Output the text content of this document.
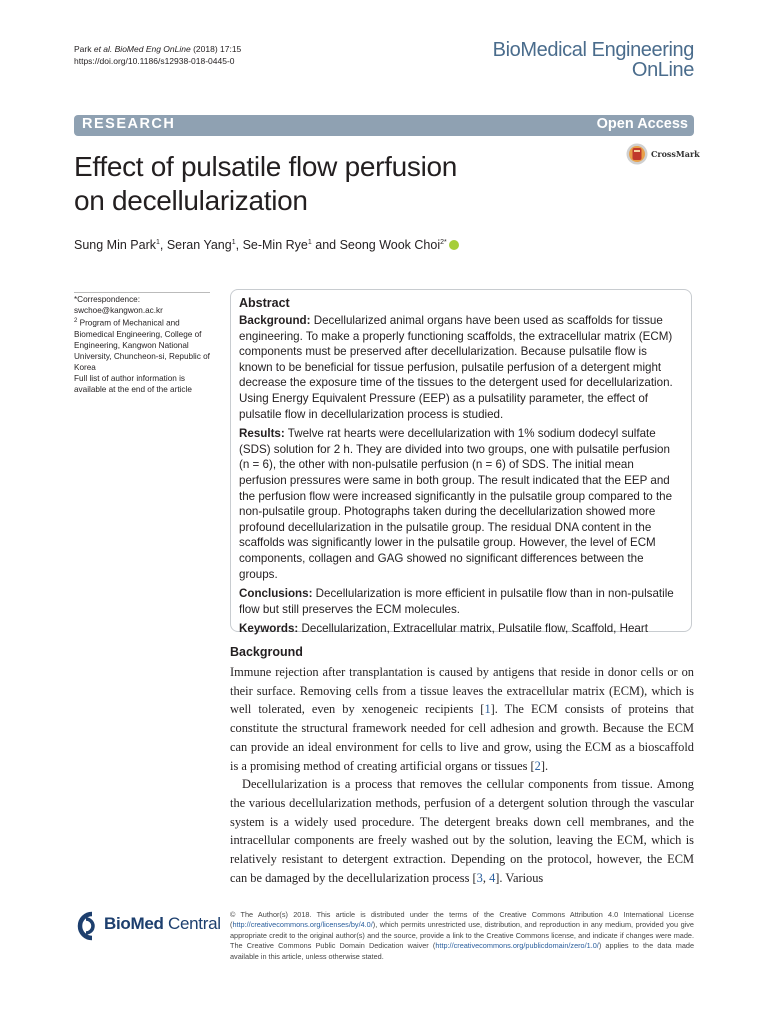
Park et al. BioMed Eng OnLine (2018) 17:15
https://doi.org/10.1186/s12938-018-0445-0	BioMedical Engineering
OnLine
RESEARCH	Open Access
CrossMark
Effect of pulsatile flow perfusion
on decellularization
Sung Min Park$^1$, Seran Yang$^1$, Se-Min Rye$^1$ and Seong Wook Choi$^{2*}$
*Correspondence:
swchoe@kangwon.ac.kr
$^2$ Program of Mechanical and Biomedical Engineering, College of Engineering, Kangwon National University, Chuncheon-si, Republic of Korea
Full list of author information is available at the end of the article
Abstract

Background: Decellularized animal organs have been used as scaffolds for tissue engineering. To make a properly functioning scaffolds, the extracellular matrix (ECM) components must be preserved after decellularization. Because pulsatile flow is known to be beneficial for tissue perfusion, pulsatile perfusion of a detergent might decrease the exposure time of the tissues to the detergent used for decellularization. Using Energy Equivalent Pressure (EEP) as a pulsatility parameter, the effect of pulsatile flow in decellularization process is studied.

Results: Twelve rat hearts were decellularization with 1% sodium dodecyl sulfate (SDS) solution for 2 h. They are divided into two groups, one with pulsatile perfusion (n = 6), the other with non-pulsatile perfusion (n = 6) of SDS. The initial mean perfusion pressures were same in both group. The result indicated that the EEP and the perfusion flow were increased significantly in the pulsatile group compared to the non-pulsatile group. Photographs taken during the decellularization showed more profound decellularization in the pulsatile group. The residual DNA content in the scaffolds was significantly lower in the pulsatile group. However, the level of ECM components, collagen and GAG showed no significant differences between the groups.

Conclusions: Decellularization is more efficient in pulsatile flow than in non-pulsatile flow but still preserves the ECM molecules.

Keywords: Decellularization, Extracellular matrix, Pulsatile flow, Scaffold, Heart

Background

Immune rejection after transplantation is caused by antigens that reside in donor cells or on their surface. Removing cells from a tissue leaves the extracellular matrix (ECM), which is well tolerated, even by xenogeneic recipients [1]. The ECM consists of proteins that constitute the structural framework needed for cell adhesion and growth. Because the ECM can provide an ideal environment for cells to live and grow, using the ECM as a bioscaffold is a promising method of creating artificial organs or tissues [2].

Decellularization is a process that removes the cellular components from tissue. Among the various decellularization methods, perfusion of a detergent solution through the vascular system is a widely used procedure. The detergent breaks down cell membranes, and the intracellular components are freely washed out by the solution, leaving the ECM, which is relatively resistant to detergent extraction. Depending on the protocol, however, the ECM can be damaged by the decellularization process [3, 4]. Various

BioMed Central © The Author(s) 2018. This article is distributed under the terms of the Creative Commons Attribution 4.0 International License (http://creativecommons.org/licenses/by/4.0/), which permits unrestricted use, distribution, and reproduction in any medium, provided you give appropriate credit to the original author(s) and the source, provide a link to the Creative Commons license, and indicate if changes were made. The Creative Commons Public Domain Dedication waiver (http://creativecommons.org/publicdomain/zero/1.0/) applies to the data made available in this article, unless otherwise stated.
